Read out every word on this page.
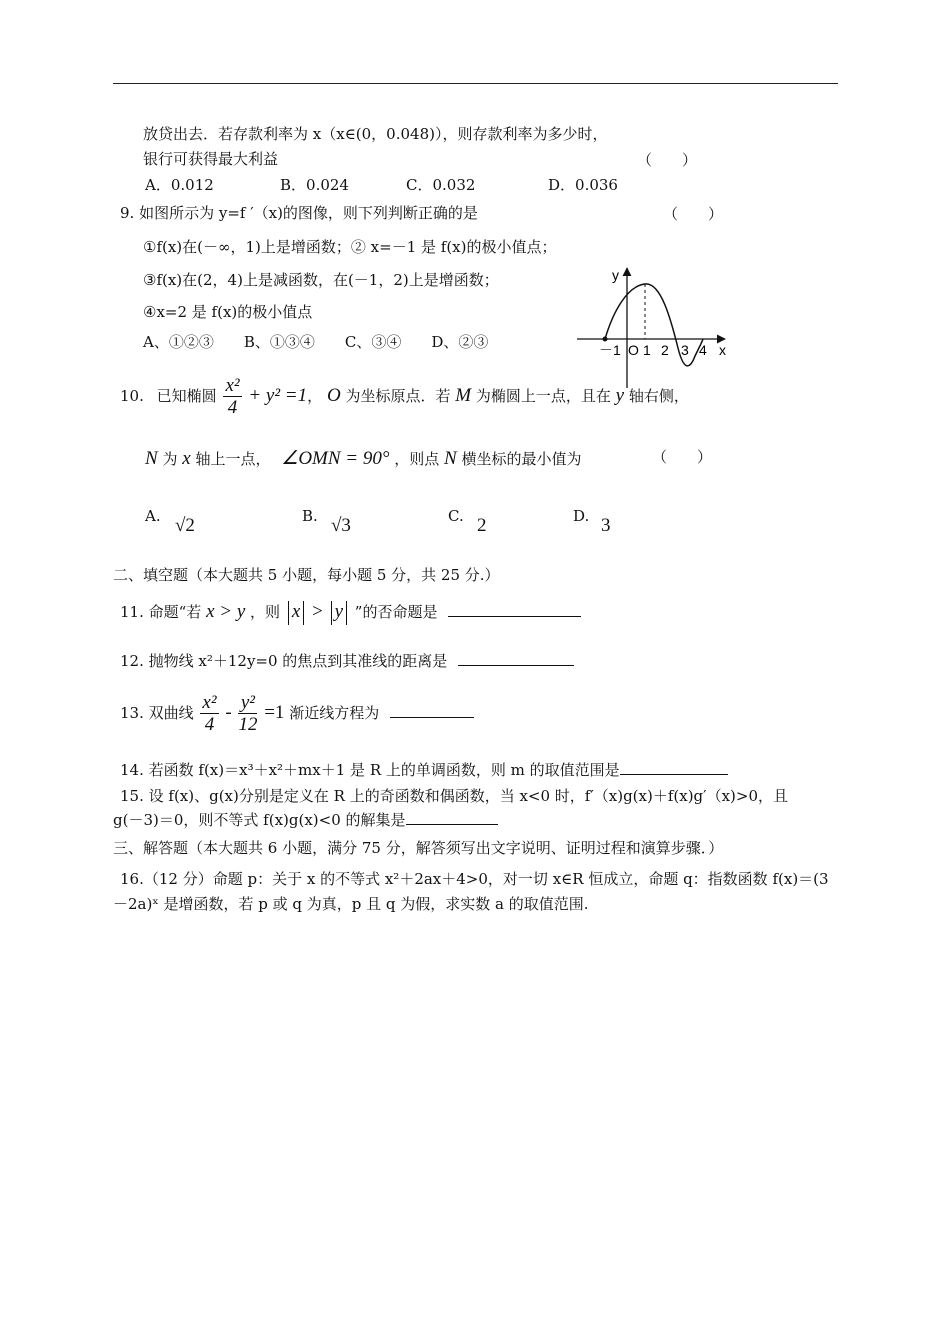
放贷出去．若存款利率为 x（x∈(0，0.048)），则存款利率为多少时，
银行可获得最大利益	（　　）
A．0.012	B．0.024	C．0.032	D．0.036
9. 如图所示为 y=f ′（x)的图像，则下列判断正确的是	（　　）
①f(x)在(－∞，1)上是增函数；② x=－1 是 f(x)的极小值点；
③f(x)在(2，4)上是减函数，在(－1，2)上是增函数；
④x=2 是 f(x)的极小值点
A、①②③　　B、①③④　　C、③④　　D、②③
y
x
－1 O 1 2 3 4
10. 已知椭圆 $\frac{\text{x²}}{4} + y^2 =1$， O 为坐标原点．若 M 为椭圆上一点，且在 y 轴右侧，
N 为 x 轴上一点， ∠OMN = 90° ，则点 N 横坐标的最小值为	（　　）
A. √2	B. √3	C. 2	D. 3
二、填空题（本大题共 5 小题，每小题 5 分，共 25 分.）
11. 命题“若 x > y ，则 x > y ”的否命题是
12. 抛物线 x²＋12y=0 的焦点到其准线的距离是
13. 双曲线 $\frac{\text{x²}}{4} - \frac{\text{y²}}{12} =1$ 渐近线方程为
14. 若函数 f(x)＝x³＋x²＋mx＋1 是 R 上的单调函数，则 m 的取值范围是
15. 设 f(x)、g(x)分别是定义在 R 上的奇函数和偶函数，当 x<0 时，f′（x)g(x)＋f(x)g′（x)>0，且
g(－3)＝0，则不等式 f(x)g(x)<0 的解集是
三、解答题（本大题共 6 小题，满分 75 分，解答须写出文字说明、证明过程和演算步骤．）
16.（12 分）命题 p：关于 x 的不等式 x²＋2ax＋4>0，对一切 x∈R 恒成立，命题 q：指数函数 f(x)＝(3
－2a)ˣ 是增函数，若 p 或 q 为真，p 且 q 为假，求实数 a 的取值范围.
